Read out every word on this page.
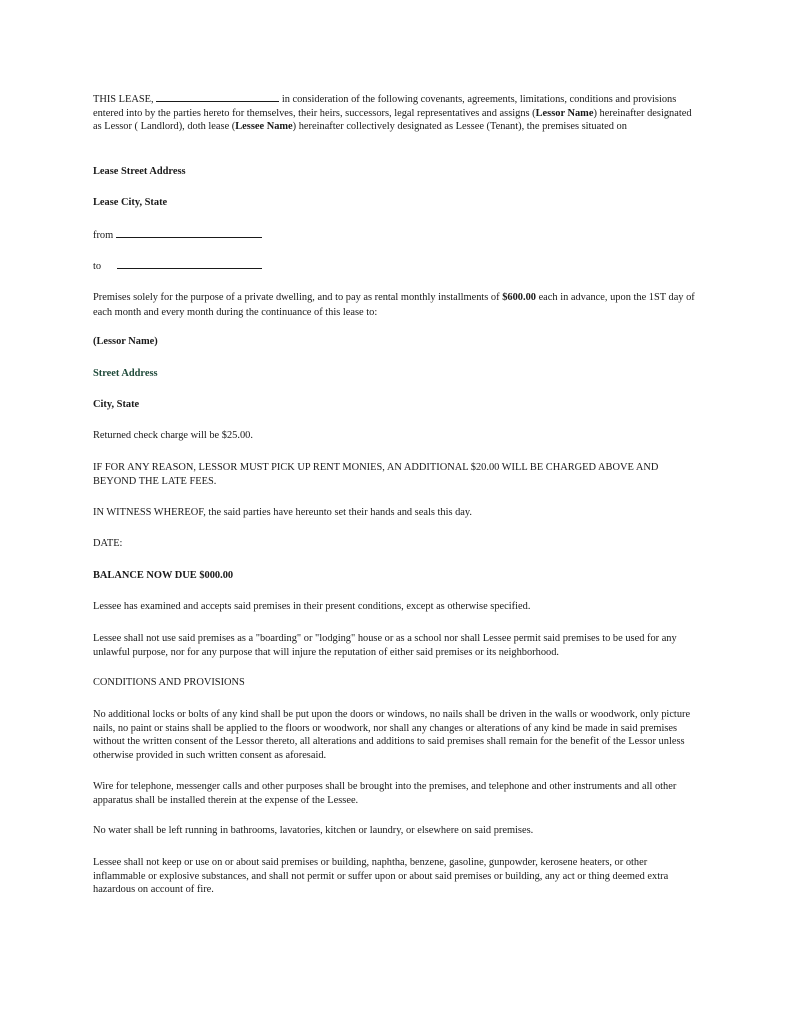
THIS LEASE,	in consideration of the following covenants, agreements, limitations, conditions and provisions entered into by the parties hereto for themselves, their heirs, successors, legal representatives and assigns (Lessor Name) hereinafter designated as Lessor ( Landlord), doth lease (Lessee Name) hereinafter collectively designated as Lessee (Tenant), the premises situated on

Lease Street Address

Lease City, State

from

to

Premises solely for the purpose of a private dwelling, and to pay as rental monthly installments of $600.00 each in advance, upon the 1ST day of each month and every month during the continuance of this lease to:

(Lessor Name)

Street Address

City, State

Returned check charge will be $25.00.

IF FOR ANY REASON, LESSOR MUST PICK UP RENT MONIES, AN ADDITIONAL $20.00 WILL BE CHARGED ABOVE AND BEYOND THE LATE FEES.

IN WITNESS WHEREOF, the said parties have hereunto set their hands and seals this day.

DATE:

BALANCE NOW DUE $000.00

Lessee has examined and accepts said premises in their present conditions, except as otherwise specified.

Lessee shall not use said premises as a "boarding" or "lodging" house or as a school nor shall Lessee permit said premises to be used for any unlawful purpose, nor for any purpose that will injure the reputation of either said premises or its neighborhood.

CONDITIONS AND PROVISIONS

No additional locks or bolts of any kind shall be put upon the doors or windows, no nails shall be driven in the walls or woodwork, only picture nails, no paint or stains shall be applied to the floors or woodwork, nor shall any changes or alterations of any kind be made in said premises without the written consent of the Lessor thereto, all alterations and additions to said premises shall remain for the benefit of the Lessor unless otherwise provided in such written consent as aforesaid.

Wire for telephone, messenger calls and other purposes shall be brought into the premises, and telephone and other instruments and all other apparatus shall be installed therein at the expense of the Lessee.

No water shall be left running in bathrooms, lavatories, kitchen or laundry, or elsewhere on said premises.

Lessee shall not keep or use on or about said premises or building, naphtha, benzene, gasoline, gunpowder, kerosene heaters, or other inflammable or explosive substances, and shall not permit or suffer upon or about said premises or building, any act or thing deemed extra hazardous on account of fire.
